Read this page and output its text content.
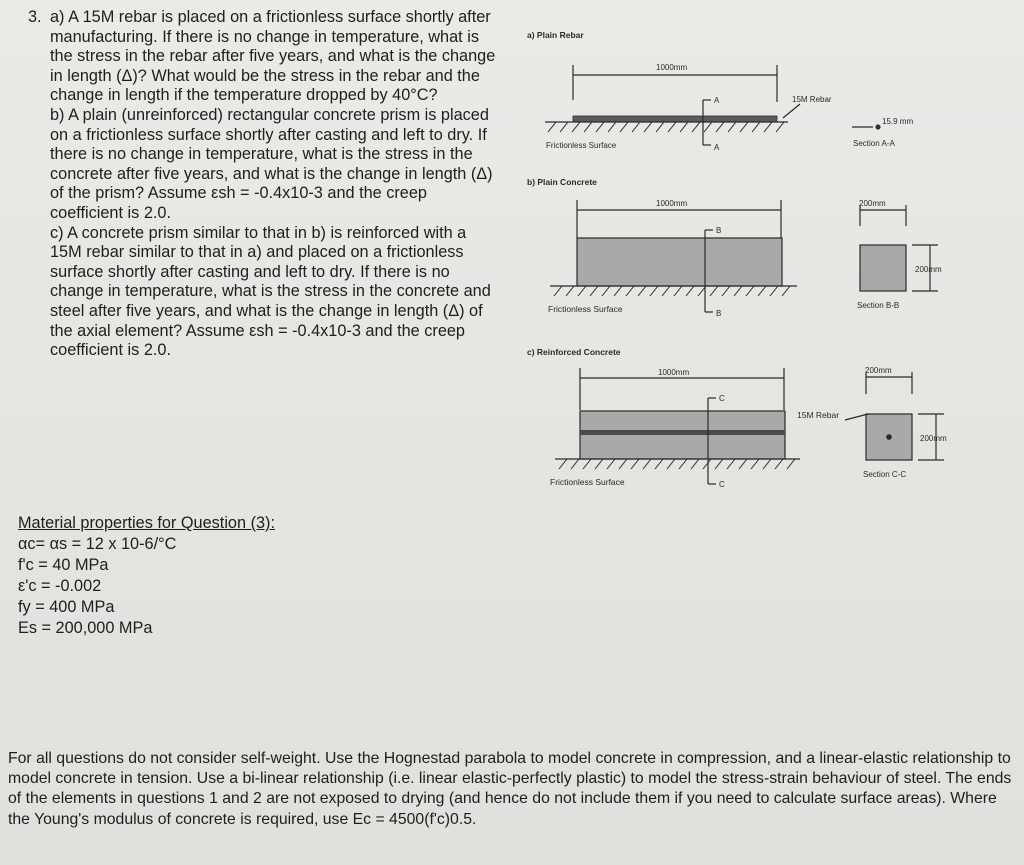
3. a) A 15M rebar is placed on a frictionless surface shortly after manufacturing. If there is no change in temperature, what is the stress in the rebar after five years, and what is the change in length (Δ)? What would be the stress in the rebar and the change in length if the temperature dropped by 40°C?

b) A plain (unreinforced) rectangular concrete prism is placed on a frictionless surface shortly after casting and left to dry. If there is no change in temperature, what is the stress in the concrete after five years, and what is the change in length (Δ) of the prism? Assume εsh = -0.4x10-3 and the creep coefficient is 2.0.

c) A concrete prism similar to that in b) is reinforced with a 15M rebar similar to that in a) and placed on a frictionless surface shortly after casting and left to dry. If there is no change in temperature, what is the stress in the concrete and steel after five years, and what is the change in length (Δ) of the axial element? Assume εsh = -0.4x10-3 and the creep coefficient is 2.0.

Material properties for Question (3):
αc= αs = 12 x 10-6/°C
f'c = 40 MPa
ε'c = -0.002
fy = 400 MPa
Es = 200,000 MPa
For all questions do not consider self-weight. Use the Hognestad parabola to model concrete in compression, and a linear-elastic relationship to model concrete in tension. Use a bi-linear relationship (i.e. linear elastic-perfectly plastic) to model the stress-strain behaviour of steel. The ends of the elements in questions 1 and 2 are not exposed to drying (and hence do not include them if you need to calculate surface areas). Where the Young's modulus of concrete is required, use Ec = 4500(f'c)0.5.
a) Plain Rebar
1000mm
Frictionless Surface
A
A
15M Rebar
15.9 mm
Section A-A
b) Plain Concrete
1000mm
Frictionless Surface
B
B
200mm
200mm
Section B-B
c) Reinforced Concrete
1000mm
Frictionless Surface
C
C
200mm
200mm
15M Rebar
Section C-C
